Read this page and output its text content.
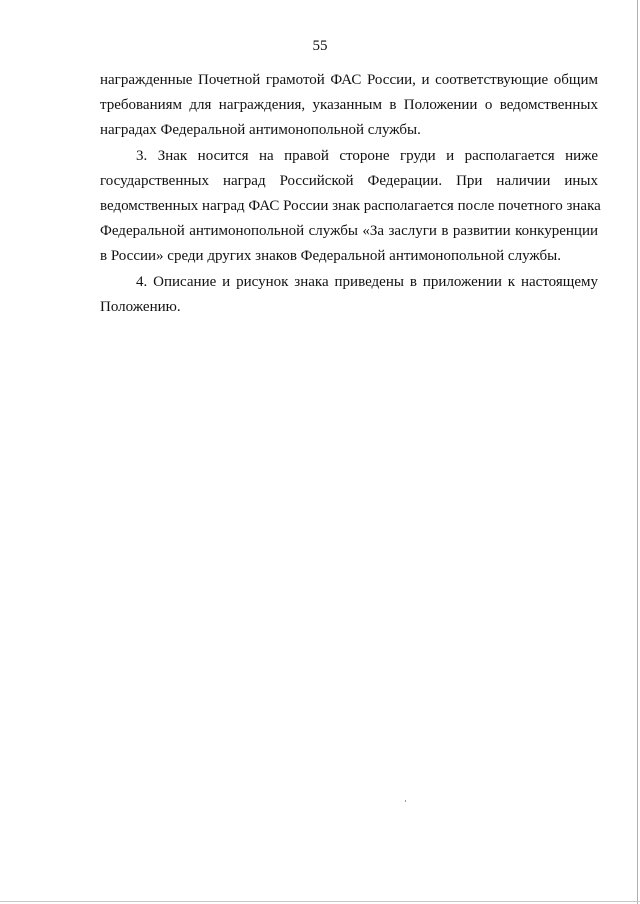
55

награжденные Почетной грамотой ФАС России, и соответствующие общим
требованиям для награждения, указанным в Положении о ведомственных
наградах Федеральной антимонопольной службы.

3. Знак носится на правой стороне груди и располагается ниже
государственных наград Российской Федерации. При наличии иных
ведомственных наград ФАС России знак располагается после почетного знака
Федеральной антимонопольной службы «За заслуги в развитии конкуренции
в России» среди других знаков Федеральной антимонопольной службы.

4. Описание и рисунок знака приведены в приложении к настоящему
Положению.
